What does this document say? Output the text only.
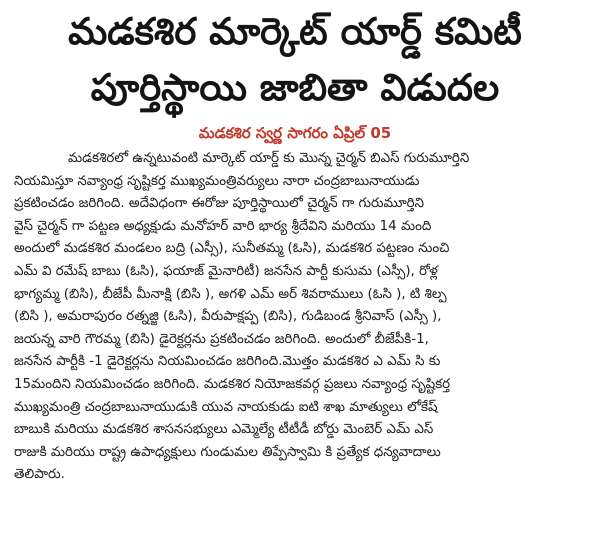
మడకశిర మార్కెట్ యార్డ్ కమిటీ
పూర్తిస్థాయి జాబితా విడుదల
మడకశిర స్వర్ణ సాగరం ఏప్రిల్ 05
మడకశిరలో ఉన్నటువంటి మార్కెట్ యార్డ్ కు మొన్న చైర్మన్ బిఎస్ గురుమూర్తిని
నియమిస్తూ నవ్యాంధ్ర సృష్టికర్త ముఖ్యమంత్రివర్యులు నారా చంద్రబాబునాయుడు
ప్రకటించడం జరిగింది. అదేవిధంగా ఈరోజు పూర్తిస్థాయిలో చైర్మన్ గా గురుమూర్తిని
వైస్ చైర్మన్ గా పట్టణ అధ్యక్షుడు మనోహర్ వారి భార్య శ్రీదేవిని మరియు 14 మంది
అందులో మడకశిర మండలం బద్రి (ఎస్సీ), సునీతమ్మ (ఓసి), మడకశిర పట్టణం నుంచి
ఎమ్ వి రమేష్ బాబు (ఓసి), ఫయాజ్ మైనారిటీ) జనసేన పార్టీ కుసుమ (ఎస్సీ), రోళ్ల
భాగ్యమ్మ (బిసి), బీజేపీ మీనాక్షి (బిసి ), అగళి ఎమ్ అర్ శివరాములు (ఓసి ), టి శిల్ప
(బిసి ), అమరాపురం రత్నజ్జి (ఓసి), వీరుపాక్షప్ప (బిసి), గుడిబండ శ్రీనివాస్ (ఎస్సీ ),
జయన్న వారి గౌరమ్మ (బిసి) డైరెక్టర్లను ప్రకటించడం జరిగింది. అందులో బీజేపీకి-1,
జనసేన పార్టీకి -1 డైరెక్టర్లను నియమించడం జరిగింది.మొత్తం మడకశిర ఎ ఎమ్ సి కు
15మందిని నియమించడం జరిగింది. మడకశిర నియోజకవర్గ ప్రజలు నవ్యాంధ్ర సృష్టికర్త
ముఖ్యమంత్రి చంద్రబాబునాయుడుకి యువ నాయకుడు ఐటి శాఖ మాత్యులు లోకేష్
బాబుకి మరియు మడకశిర శాసనసభ్యులు ఎమ్మెల్యే టీటీడీ బోర్డు మెంబెర్ ఎమ్ ఎస్
రాజుకి మరియు రాష్ట్ర ఉపాధ్యక్షులు గుండుమల తిప్పేస్వామి కి ప్రత్యేక ధన్యవాదాలు
తెలిపారు.
